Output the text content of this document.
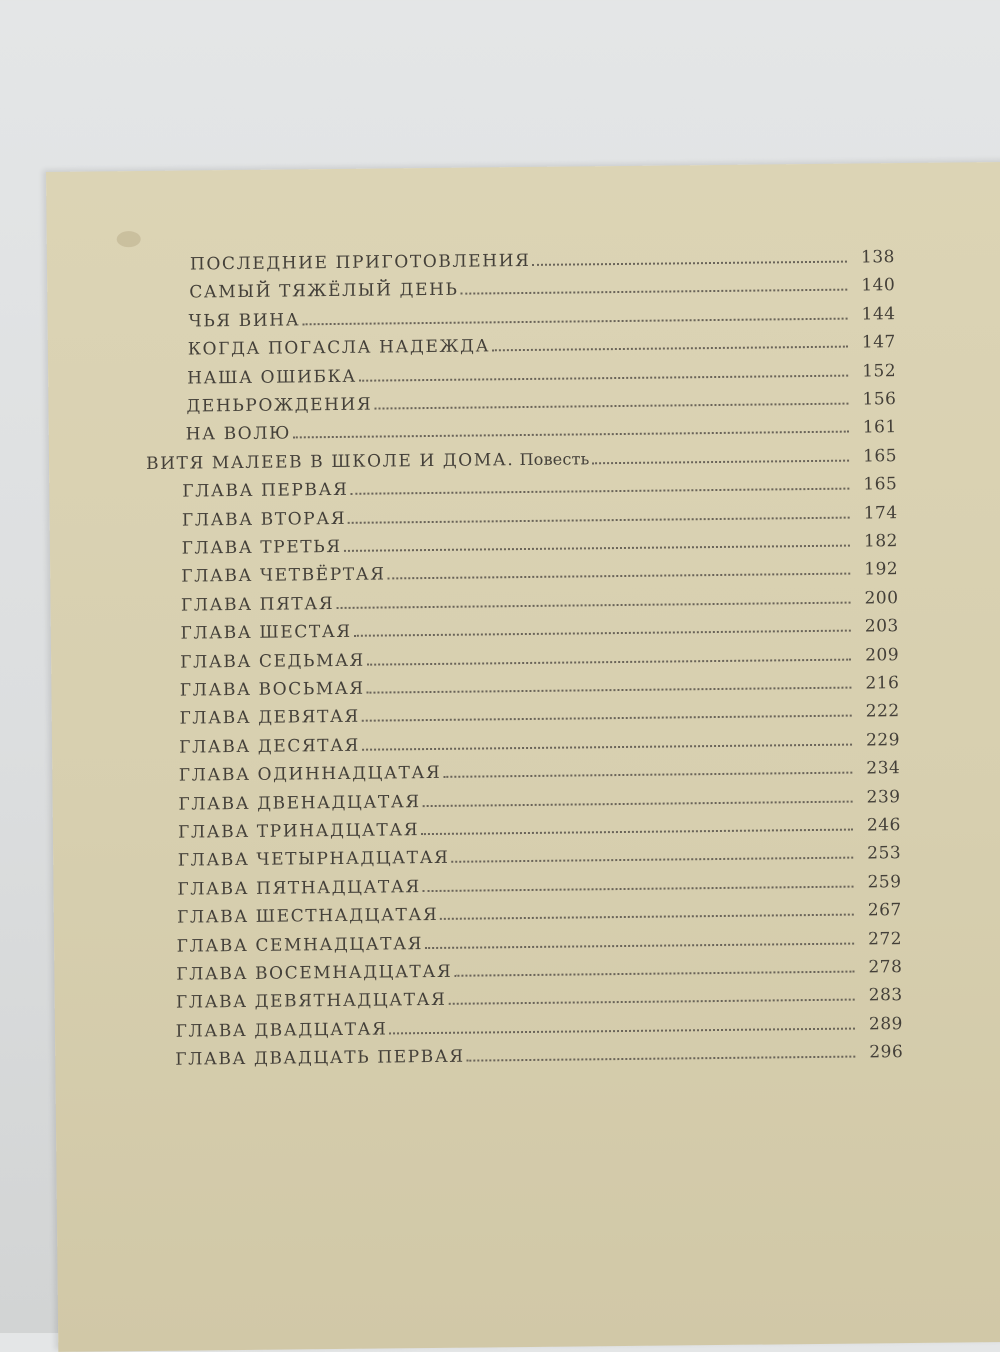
ПОСЛЕДНИЕ ПРИГОТОВЛЕНИЯ	138
САМЫЙ ТЯЖЁЛЫЙ ДЕНЬ	140
ЧЬЯ ВИНА	144
КОГДА ПОГАСЛА НАДЕЖДА	147
НАША ОШИБКА	152
ДЕНЬРОЖДЕНИЯ	156
НА ВОЛЮ	161
ВИТЯ МАЛЕЕВ В ШКОЛЕ И ДОМА. Повесть	165
ГЛАВА ПЕРВАЯ	165
ГЛАВА ВТОРАЯ	174
ГЛАВА ТРЕТЬЯ	182
ГЛАВА ЧЕТВЁРТАЯ	192
ГЛАВА ПЯТАЯ	200
ГЛАВА ШЕСТАЯ	203
ГЛАВА СЕДЬМАЯ	209
ГЛАВА ВОСЬМАЯ	216
ГЛАВА ДЕВЯТАЯ	222
ГЛАВА ДЕСЯТАЯ	229
ГЛАВА ОДИННАДЦАТАЯ	234
ГЛАВА ДВЕНАДЦАТАЯ	239
ГЛАВА ТРИНАДЦАТАЯ	246
ГЛАВА ЧЕТЫРНАДЦАТАЯ	253
ГЛАВА ПЯТНАДЦАТАЯ	259
ГЛАВА ШЕСТНАДЦАТАЯ	267
ГЛАВА СЕМНАДЦАТАЯ	272
ГЛАВА ВОСЕМНАДЦАТАЯ	278
ГЛАВА ДЕВЯТНАДЦАТАЯ	283
ГЛАВА ДВАДЦАТАЯ	289
ГЛАВА ДВАДЦАТЬ ПЕРВАЯ	296
